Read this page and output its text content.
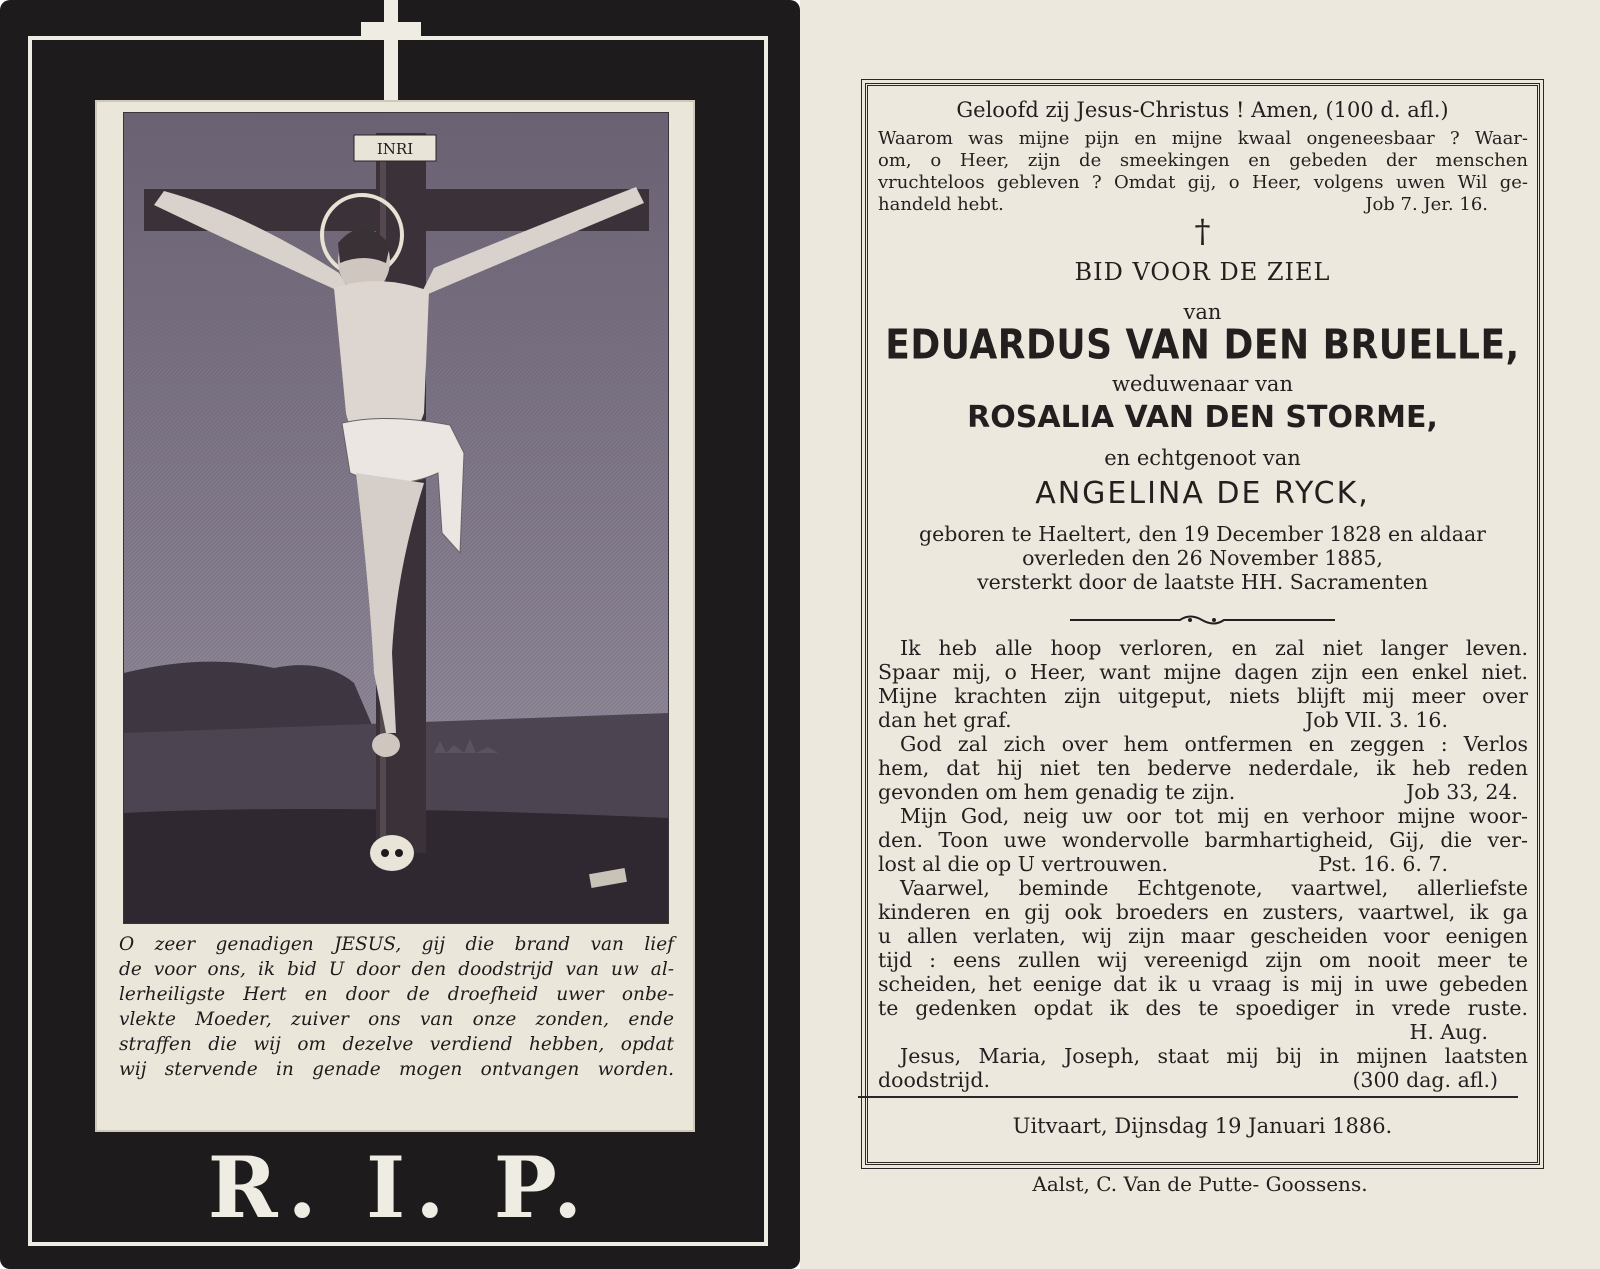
INRI
O zeer genadigen JESUS, gij die brand van lief
de voor ons, ik bid U door den doodstrijd van uw al-
lerheiligste Hert en door de droefheid uwer onbe-
vlekte Moeder, zuiver ons van onze zonden, ende
straffen die wij om dezelve verdiend hebben, opdat
wij stervende in genade mogen ontvangen worden.
R. I. P.
Geloofd zij Jesus-Christus ! Amen, (100 d. afl.)
Waarom was mijne pijn en mijne kwaal ongeneesbaar ? Waar-
om, o Heer, zijn de smeekingen en gebeden der menschen
vruchteloos gebleven ? Omdat gij, o Heer, volgens uwen Wil ge-
handeld hebt.	Job 7. Jer. 16.
†
BID VOOR DE ZIEL
van
EDUARDUS VAN DEN BRUELLE,
weduwenaar van
ROSALIA VAN DEN STORME,
en echtgenoot van
ANGELINA DE RYCK,
geboren te Haeltert, den 19 December 1828 en aldaar
overleden den 26 November 1885,
versterkt door de laatste HH. Sacramenten
Ik heb alle hoop verloren, en zal niet langer leven.
Spaar mij, o Heer, want mijne dagen zijn een enkel niet.
Mijne krachten zijn uitgeput, niets blijft mij meer over
dan het graf.	Job VII. 3. 16.
God zal zich over hem ontfermen en zeggen : Verlos
hem, dat hij niet ten bederve nederdale, ik heb reden
gevonden om hem genadig te zijn.	Job 33, 24.
Mijn God, neig uw oor tot mij en verhoor mijne woor-
den. Toon uwe wondervolle barmhartigheid, Gij, die ver-
lost al die op U vertrouwen.	Pst. 16. 6. 7.
Vaarwel, beminde Echtgenote, vaartwel, allerliefste
kinderen en gij ook broeders en zusters, vaartwel, ik ga
u allen verlaten, wij zijn maar gescheiden voor eenigen
tijd : eens zullen wij vereenigd zijn om nooit meer te
scheiden, het eenige dat ik u vraag is mij in uwe gebeden
te gedenken opdat ik des te spoediger in vrede ruste.
H. Aug.
Jesus, Maria, Joseph, staat mij bij in mijnen laatsten
doodstrijd.	(300 dag. afl.)
Uitvaart, Dijnsdag 19 Januari 1886.
Aalst, C. Van de Putte- Goossens.
